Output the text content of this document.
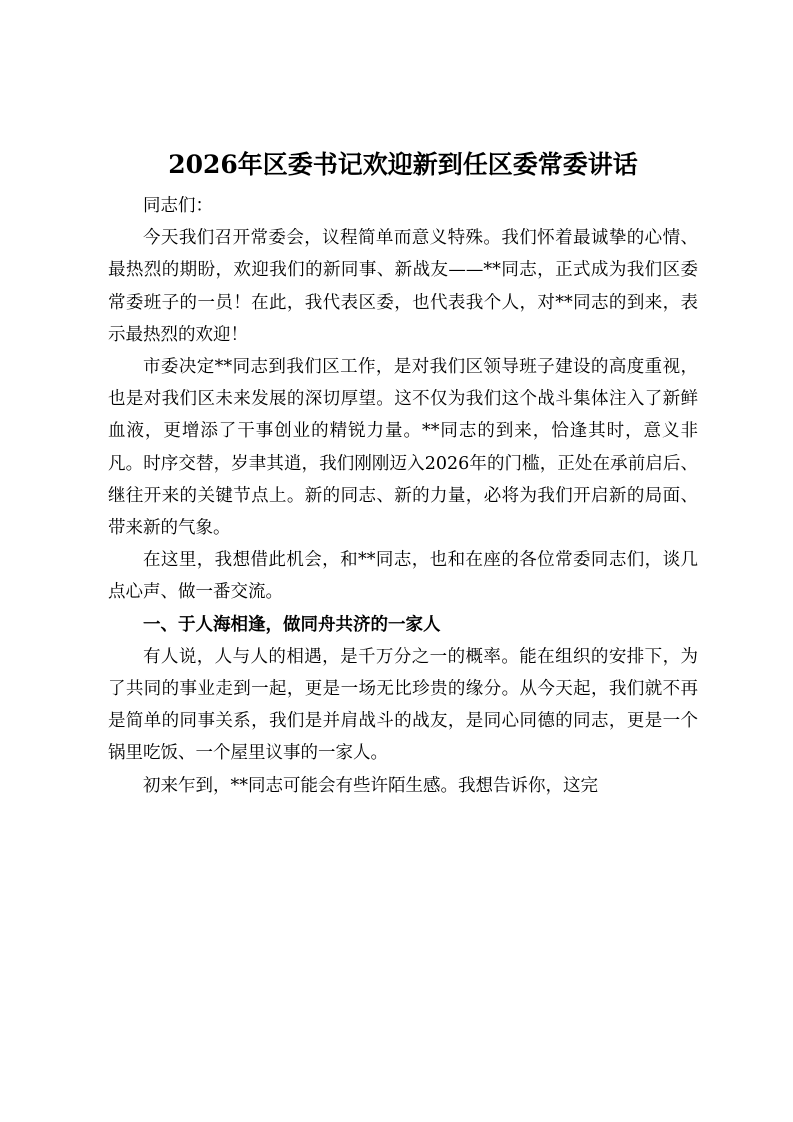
2026年区委书记欢迎新到任区委常委讲话

同志们：

今天我们召开常委会，议程简单而意义特殊。我们怀着最诚挚的心情、最热烈的期盼，欢迎我们的新同事、新战友——**同志，正式成为我们区委常委班子的一员！在此，我代表区委，也代表我个人，对**同志的到来，表示最热烈的欢迎！

市委决定**同志到我们区工作，是对我们区领导班子建设的高度重视，也是对我们区未来发展的深切厚望。这不仅为我们这个战斗集体注入了新鲜血液，更增添了干事创业的精锐力量。**同志的到来，恰逢其时，意义非凡。时序交替，岁聿其逍，我们刚刚迈入2026年的门槛，正处在承前启后、继往开来的关键节点上。新的同志、新的力量，必将为我们开启新的局面、带来新的气象。

在这里，我想借此机会，和**同志，也和在座的各位常委同志们，谈几点心声、做一番交流。

一、于人海相逢，做同舟共济的一家人

有人说，人与人的相遇，是千万分之一的概率。能在组织的安排下，为了共同的事业走到一起，更是一场无比珍贵的缘分。从今天起，我们就不再是简单的同事关系，我们是并肩战斗的战友，是同心同德的同志，更是一个锅里吃饭、一个屋里议事的一家人。

初来乍到，**同志可能会有些许陌生感。我想告诉你，这完
